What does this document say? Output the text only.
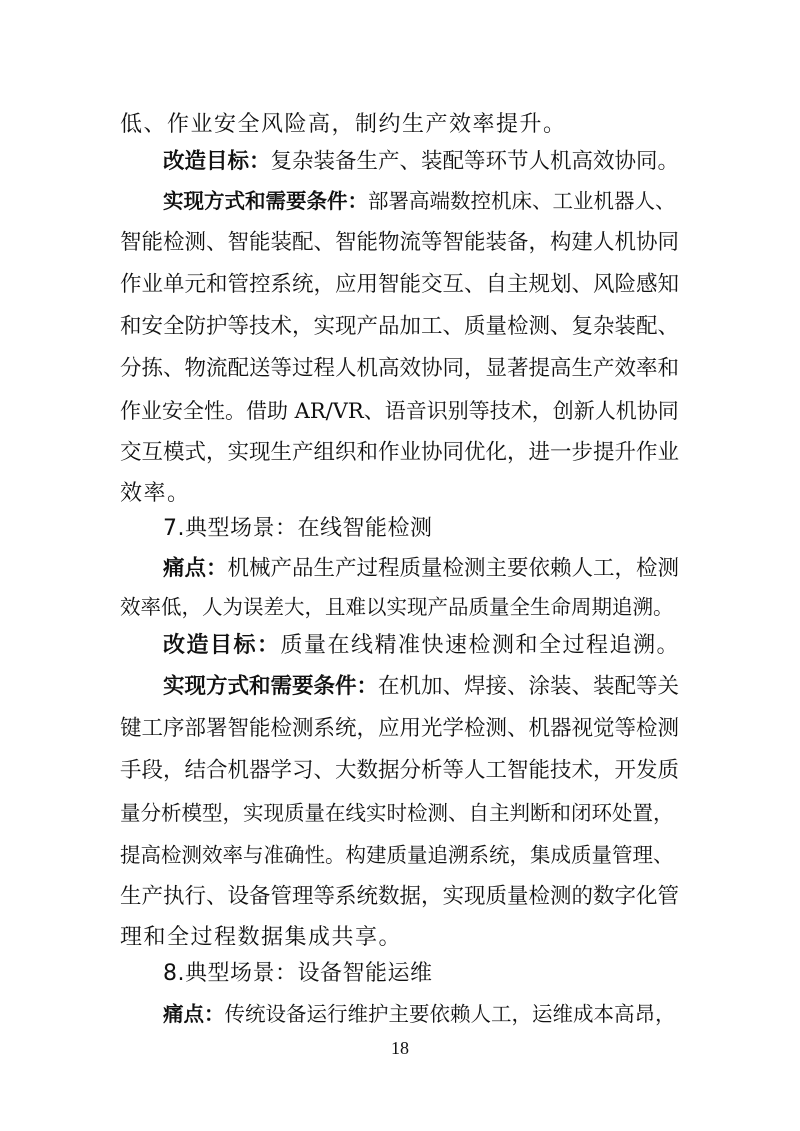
低、作业安全风险高，制约生产效率提升。
改造目标：复杂装备生产、装配等环节人机高效协同。
实现方式和需要条件：部署高端数控机床、工业机器人、
智能检测、智能装配、智能物流等智能装备，构建人机协同
作业单元和管控系统，应用智能交互、自主规划、风险感知
和安全防护等技术，实现产品加工、质量检测、复杂装配、
分拣、物流配送等过程人机高效协同，显著提高生产效率和
作业安全性。借助 AR/VR、语音识别等技术，创新人机协同
交互模式，实现生产组织和作业协同优化，进一步提升作业
效率。
7.典型场景：在线智能检测
痛点：机械产品生产过程质量检测主要依赖人工，检测
效率低，人为误差大，且难以实现产品质量全生命周期追溯。
改造目标：质量在线精准快速检测和全过程追溯。
实现方式和需要条件：在机加、焊接、涂装、装配等关
键工序部署智能检测系统，应用光学检测、机器视觉等检测
手段，结合机器学习、大数据分析等人工智能技术，开发质
量分析模型，实现质量在线实时检测、自主判断和闭环处置，
提高检测效率与准确性。构建质量追溯系统，集成质量管理、
生产执行、设备管理等系统数据，实现质量检测的数字化管
理和全过程数据集成共享。
8.典型场景：设备智能运维
痛点：传统设备运行维护主要依赖人工，运维成本高昂，
18
